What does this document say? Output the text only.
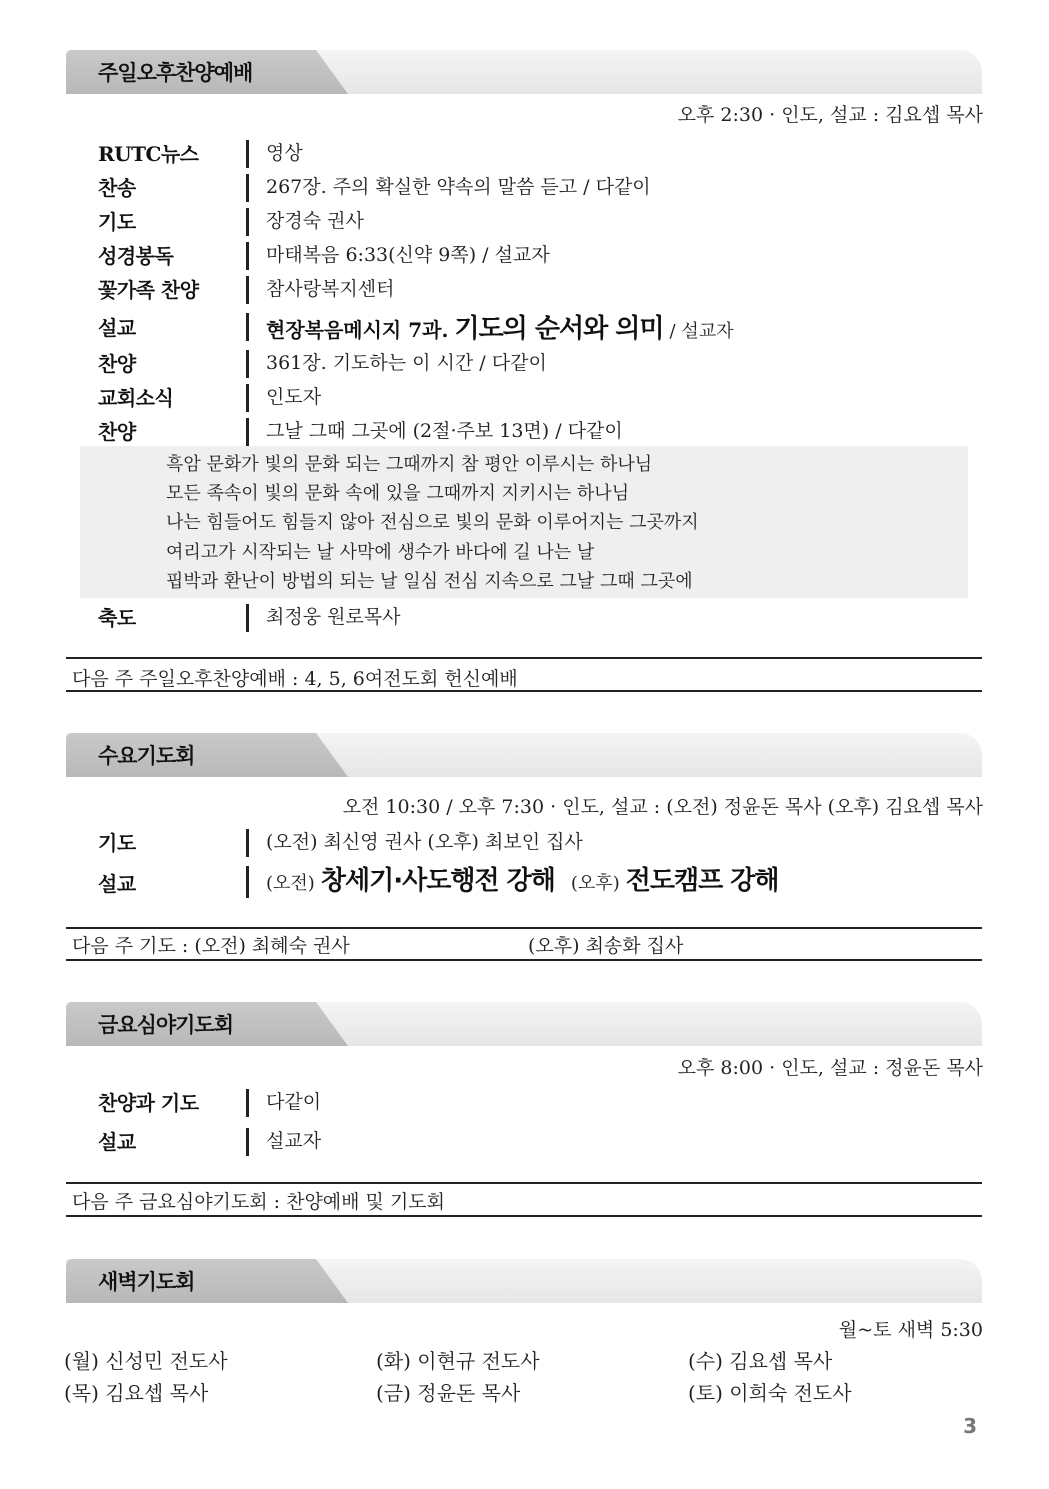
주일오후찬양예배
오후 2:30 · 인도, 설교 : 김요셉 목사
RUTC뉴스	영상
찬송	267장. 주의 확실한 약속의 말씀 듣고 / 다같이
기도	장경숙 권사
성경봉독	마태복음 6:33(신약 9쪽) / 설교자
꽃가족 찬양	참사랑복지센터
설교	현장복음메시지 7과. 기도의 순서와 의미 / 설교자
찬양	361장. 기도하는 이 시간 / 다같이
교회소식	인도자
찬양	그날 그때 그곳에 (2절·주보 13면) / 다같이
흑암 문화가 빛의 문화 되는 그때까지 참 평안 이루시는 하나님
모든 족속이 빛의 문화 속에 있을 그때까지 지키시는 하나님
나는 힘들어도 힘들지 않아 전심으로 빛의 문화 이루어지는 그곳까지
여리고가 시작되는 날 사막에 생수가 바다에 길 나는 날
핍박과 환난이 방법의 되는 날 일심 전심 지속으로 그날 그때 그곳에
축도	최정웅 원로목사
다음 주 주일오후찬양예배 : 4, 5, 6여전도회 헌신예배
수요기도회
오전 10:30 / 오후 7:30 · 인도, 설교 : (오전) 정윤돈 목사 (오후) 김요셉 목사
기도	(오전) 최신영 권사 (오후) 최보인 집사
설교	(오전) 창세기·사도행전 강해 (오후) 전도캠프 강해
다음 주 기도 : (오전) 최혜숙 권사	(오후) 최송화 집사
금요심야기도회
오후 8:00 · 인도, 설교 : 정윤돈 목사
찬양과 기도	다같이
설교	설교자
다음 주 금요심야기도회 : 찬양예배 및 기도회
새벽기도회
월~토 새벽 5:30
(월) 신성민 전도사	(화) 이현규 전도사	(수) 김요셉 목사
(목) 김요셉 목사	(금) 정윤돈 목사	(토) 이희숙 전도사
3
